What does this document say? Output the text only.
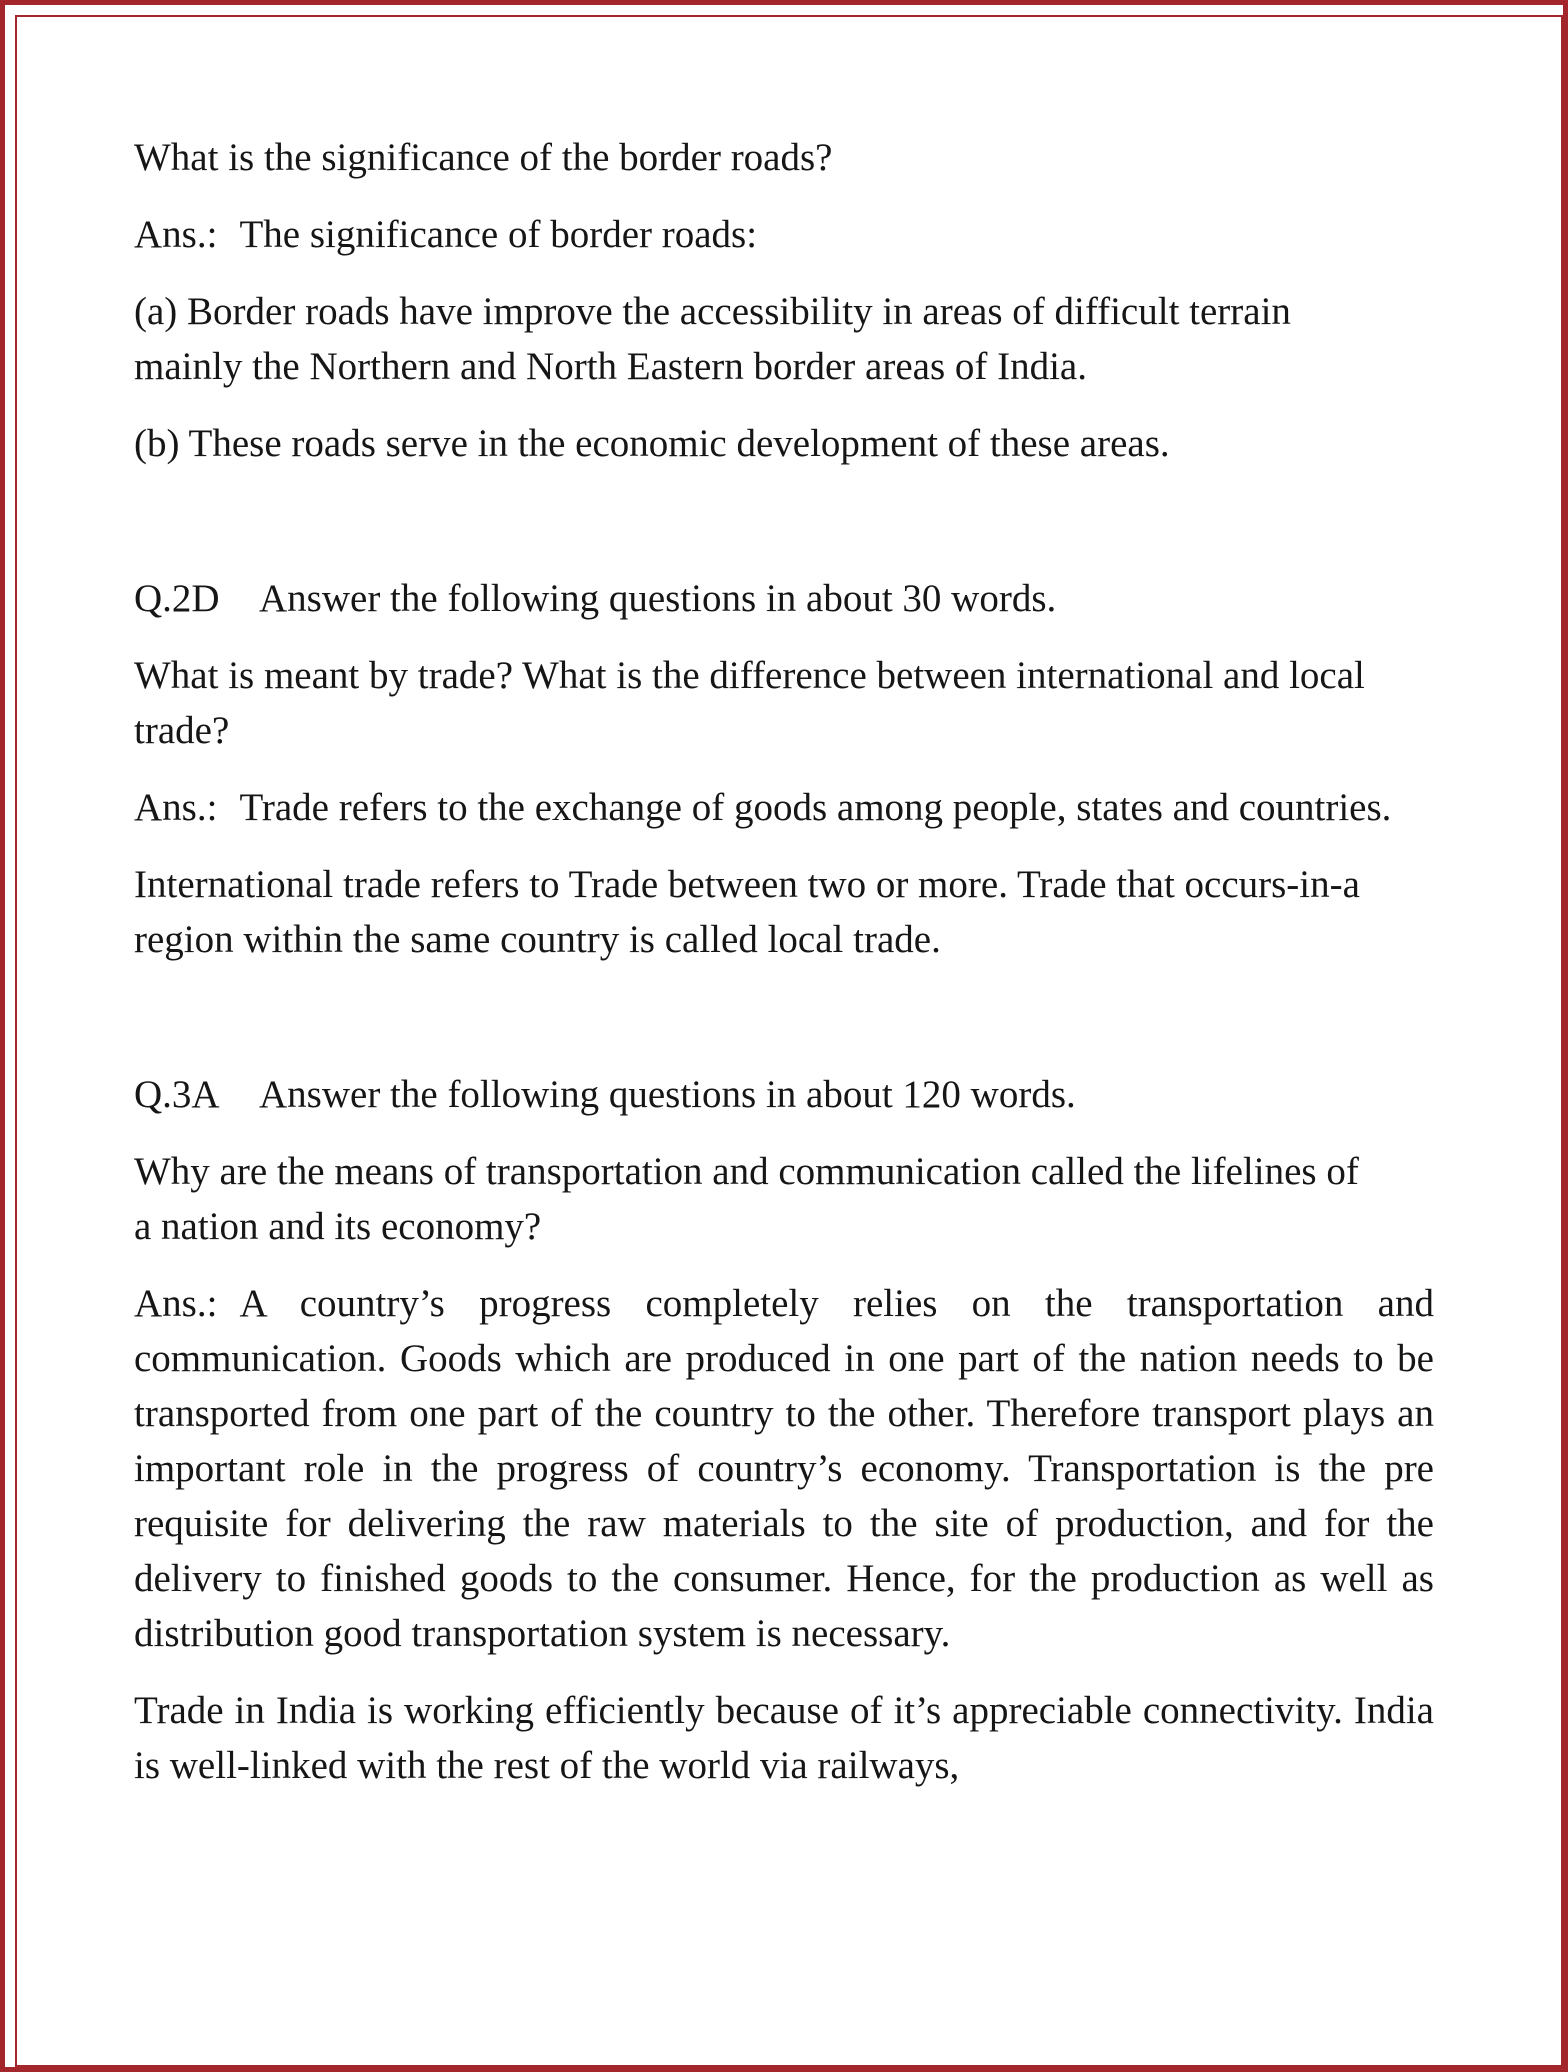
What is the significance of the border roads?

Ans.: The significance of border roads:

(a) Border roads have improve the accessibility in areas of difficult terrain mainly the Northern and North Eastern border areas of India.

(b) These roads serve in the economic development of these areas.

Q.2D Answer the following questions in about 30 words.

What is meant by trade? What is the difference between international and local trade?

Ans.: Trade refers to the exchange of goods among people, states and countries.

International trade refers to Trade between two or more. Trade that occurs-in-a region within the same country is called local trade.

Q.3A Answer the following questions in about 120 words.

Why are the means of transportation and communication called the lifelines of a nation and its economy?

Ans.: A country’s progress completely relies on the transportation and communication. Goods which are produced in one part of the nation needs to be transported from one part of the country to the other. Therefore transport plays an important role in the progress of country’s economy. Transportation is the pre requisite for delivering the raw materials to the site of production, and for the delivery to finished goods to the consumer. Hence, for the production as well as distribution good transportation system is necessary.

Trade in India is working efficiently because of it’s appreciable connectivity. India is well-linked with the rest of the world via railways,
